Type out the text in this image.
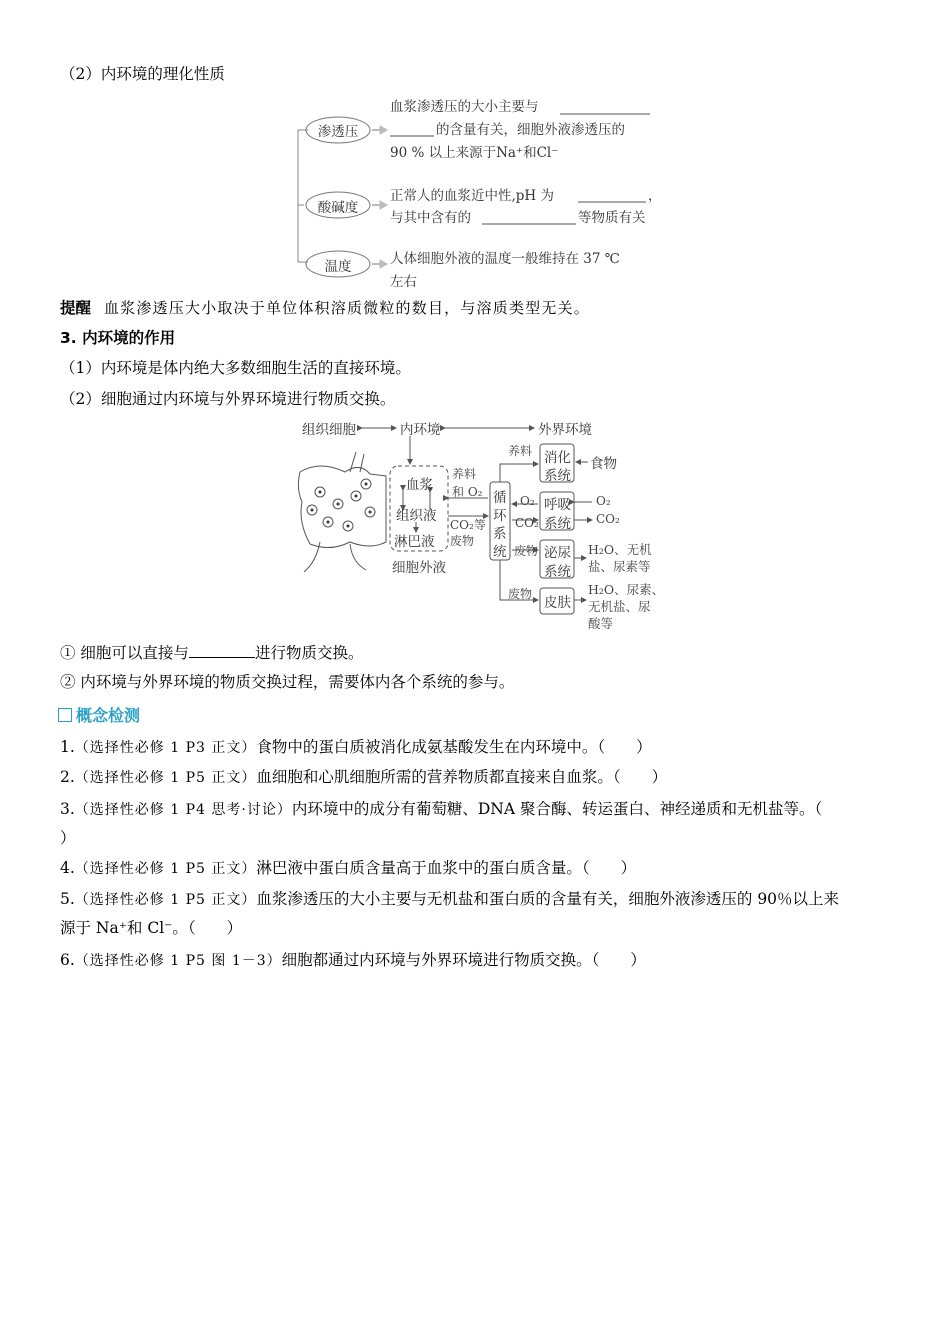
（2）内环境的理化性质
渗透压
酸碱度
温度
血浆渗透压的大小主要与
的含量有关，细胞外液渗透压的
90 % 以上来源于Na⁺和Cl⁻
正常人的血浆近中性,pH 为	，
与其中含有的	等物质有关
人体细胞外液的温度一般维持在 37 ℃
左右
提醒 血浆渗透压大小取决于单位体积溶质微粒的数目，与溶质类型无关。
3. 内环境的作用
（1）内环境是体内绝大多数细胞生活的直接环境。
（2）细胞通过内环境与外界环境进行物质交换。
组织细胞	内环境	外界环境
血浆
组织液
淋巴液
细胞外液
养料
和 O₂
CO₂等
废物
循
环
系
统
养料 消化
系统
食物
O₂
CO₂
呼吸
系统
O₂
CO₂
废物 泌尿
系统
H₂O、无机
盐、尿素等
废物
皮肤
H₂O、尿素、
无机盐、尿
酸等
① 细胞可以直接与	进行物质交换。
② 内环境与外界环境的物质交换过程，需要体内各个系统的参与。
概念检测
1.（选择性必修 1 P3 正文）食物中的蛋白质被消化成氨基酸发生在内环境中。（　　）
2.（选择性必修 1 P5 正文）血细胞和心肌细胞所需的营养物质都直接来自血浆。（　　）
3.（选择性必修 1 P4 思考·讨论）内环境中的成分有葡萄糖、DNA 聚合酶、转运蛋白、神经递质和无机盐等。（
）
4.（选择性必修 1 P5 正文）淋巴液中蛋白质含量高于血浆中的蛋白质含量。（　　）
5.（选择性必修 1 P5 正文）血浆渗透压的大小主要与无机盐和蛋白质的含量有关，细胞外液渗透压的 90％以上来
源于 Na⁺和 Cl⁻。（　　）
6.（选择性必修 1 P5 图 1－3）细胞都通过内环境与外界环境进行物质交换。（　　）
